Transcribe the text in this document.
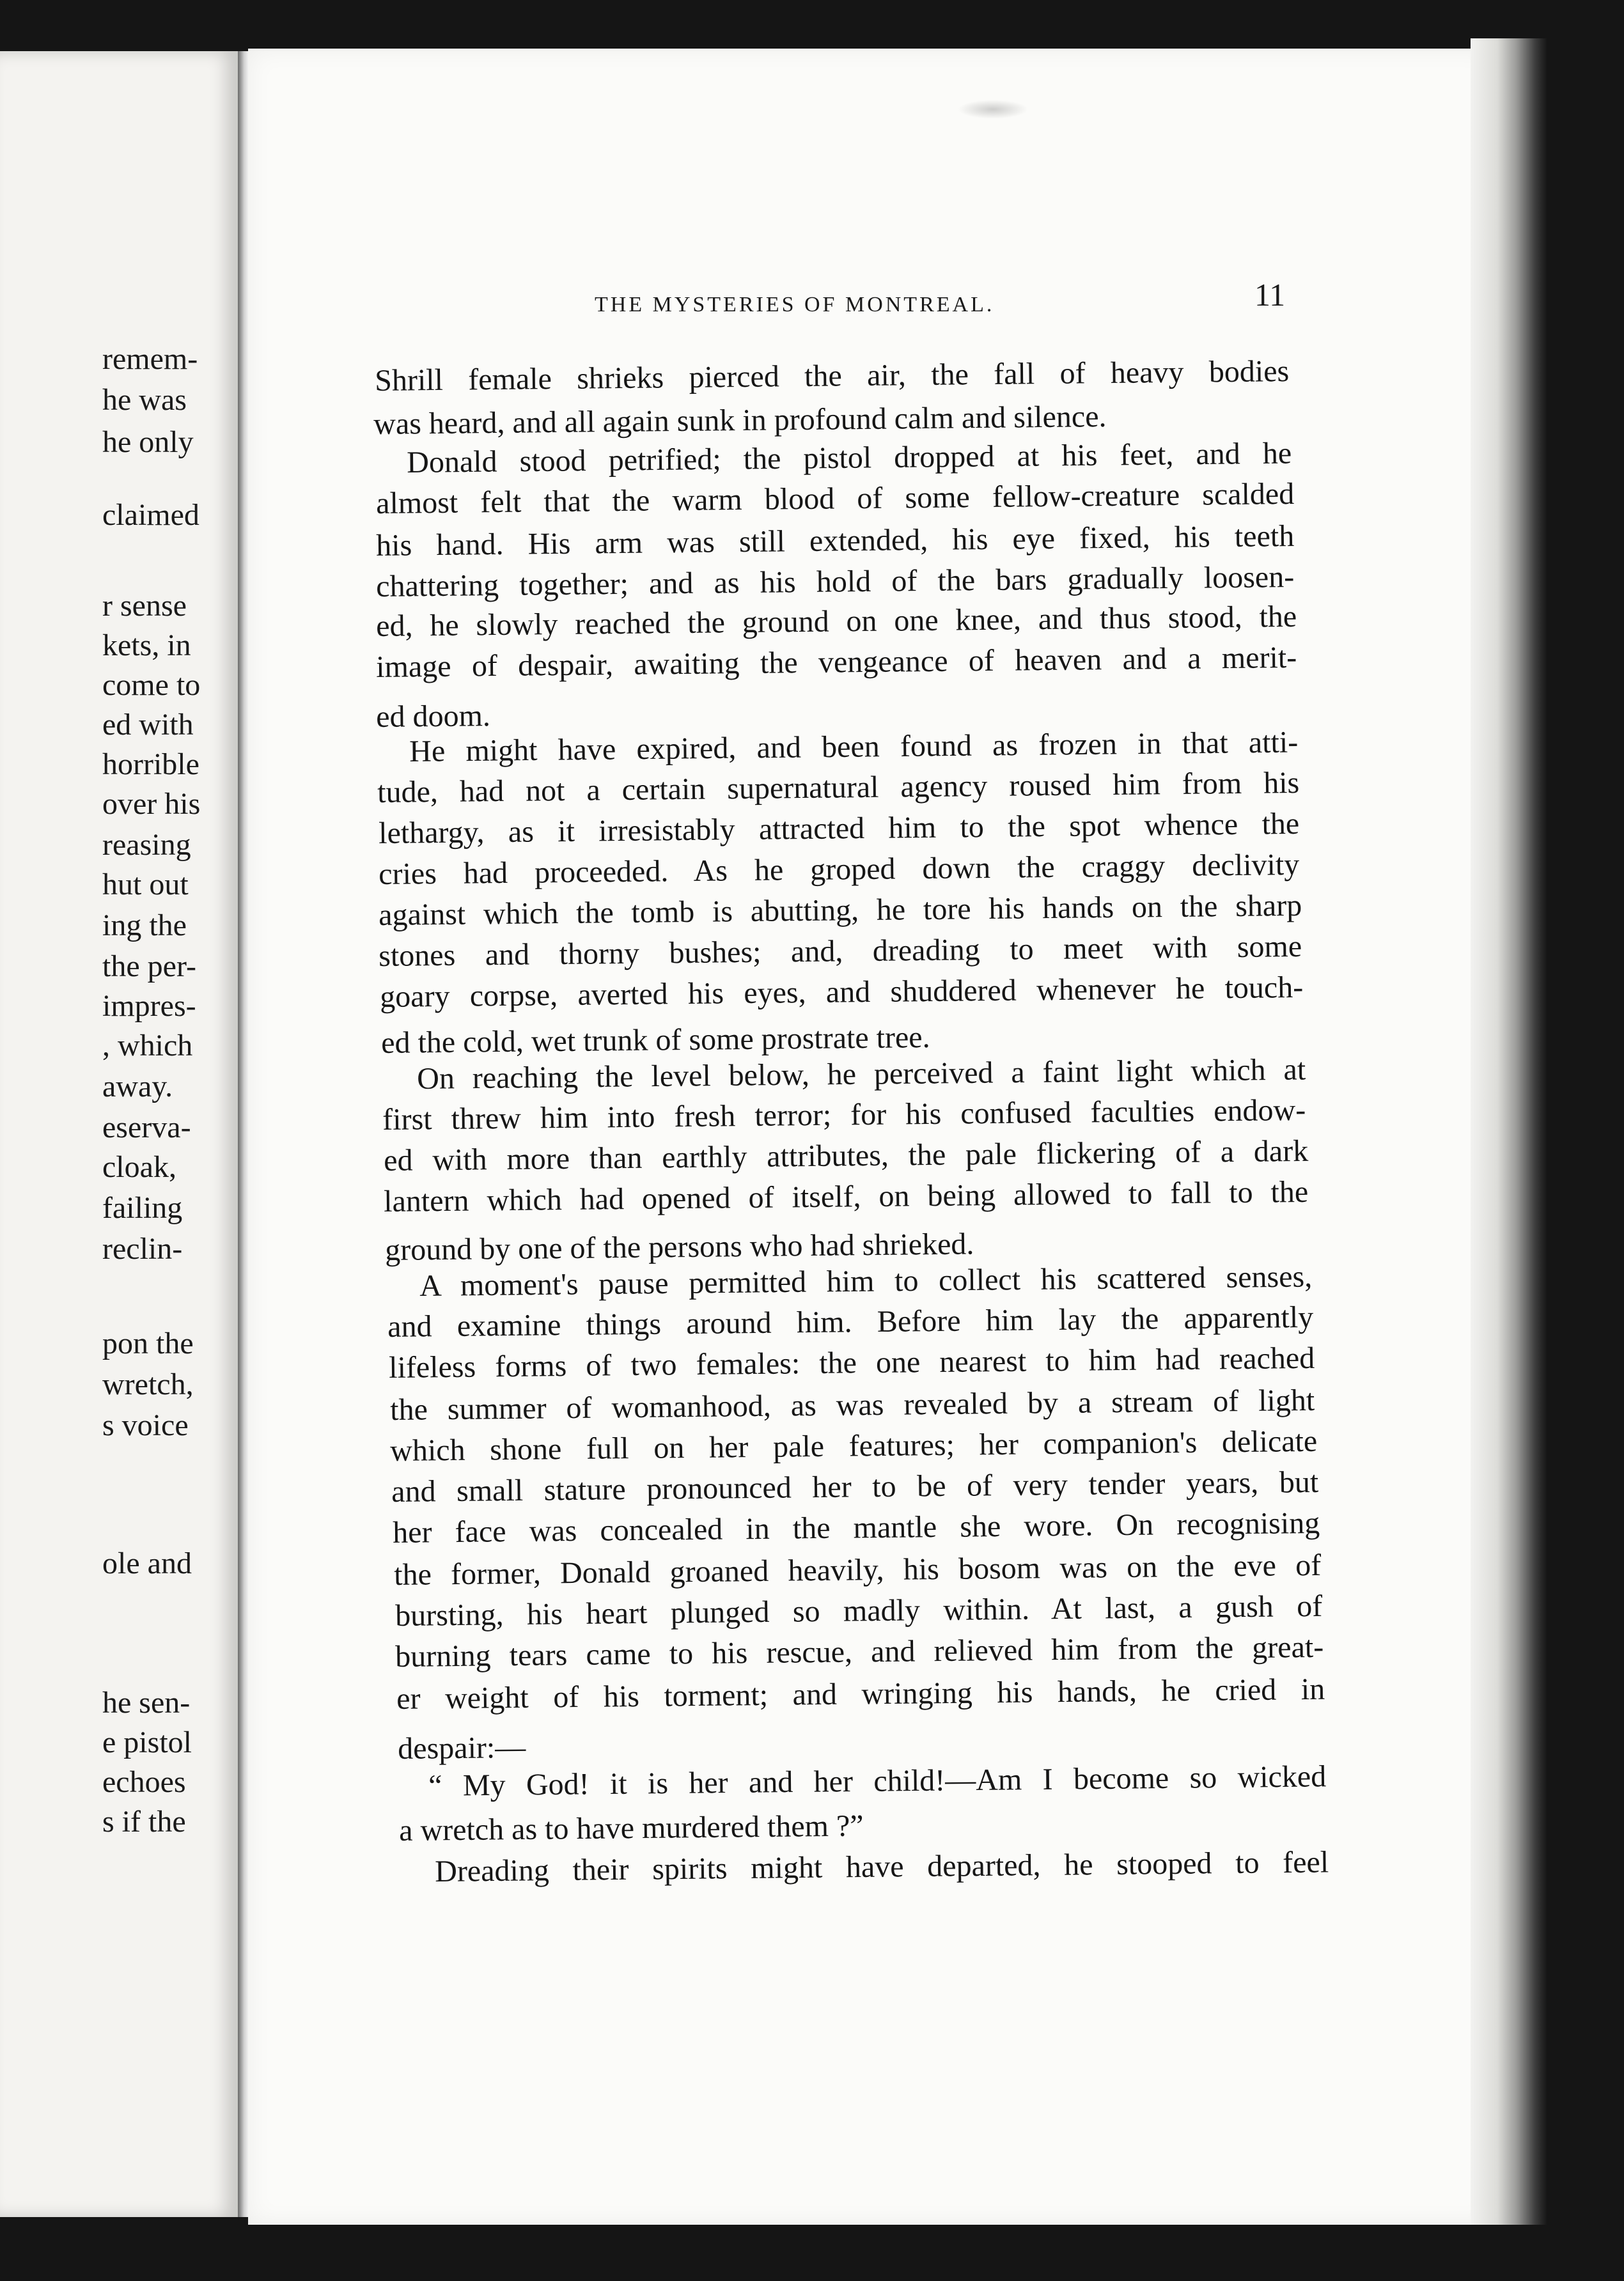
remem-
he was
he only
claimed
r sense
kets, in
come to
ed with
horrible
over his
reasing
hut out
ing the
the per-
impres-
, which
away.
eserva-
cloak,
failing
reclin-
pon the
wretch,
s voice
ole and
he sen-
e pistol
echoes
s if the
THE MYSTERIES OF MONTREAL.	11
Shrill female shrieks pierced the air, the fall of heavy bodies
was heard, and all again sunk in profound calm and silence.
Donald stood petrified; the pistol dropped at his feet, and he
almost felt that the warm blood of some fellow-creature scalded
his hand. His arm was still extended, his eye fixed, his teeth
chattering together; and as his hold of the bars gradually loosen-
ed, he slowly reached the ground on one knee, and thus stood, the
image of despair, awaiting the vengeance of heaven and a merit-
ed doom.
He might have expired, and been found as frozen in that atti-
tude, had not a certain supernatural agency roused him from his
lethargy, as it irresistably attracted him to the spot whence the
cries had proceeded. As he groped down the craggy declivity
against which the tomb is abutting, he tore his hands on the sharp
stones and thorny bushes; and, dreading to meet with some
goary corpse, averted his eyes, and shuddered whenever he touch-
ed the cold, wet trunk of some prostrate tree.
On reaching the level below, he perceived a faint light which at
first threw him into fresh terror; for his confused faculties endow-
ed with more than earthly attributes, the pale flickering of a dark
lantern which had opened of itself, on being allowed to fall to the
ground by one of the persons who had shrieked.
A moment's pause permitted him to collect his scattered senses,
and examine things around him. Before him lay the apparently
lifeless forms of two females: the one nearest to him had reached
the summer of womanhood, as was revealed by a stream of light
which shone full on her pale features; her companion's delicate
and small stature pronounced her to be of very tender years, but
her face was concealed in the mantle she wore. On recognising
the former, Donald groaned heavily, his bosom was on the eve of
bursting, his heart plunged so madly within. At last, a gush of
burning tears came to his rescue, and relieved him from the great-
er weight of his torment; and wringing his hands, he cried in
despair:—
“ My God! it is her and her child!—Am I become so wicked
a wretch as to have murdered them ?”
Dreading their spirits might have departed, he stooped to feel
